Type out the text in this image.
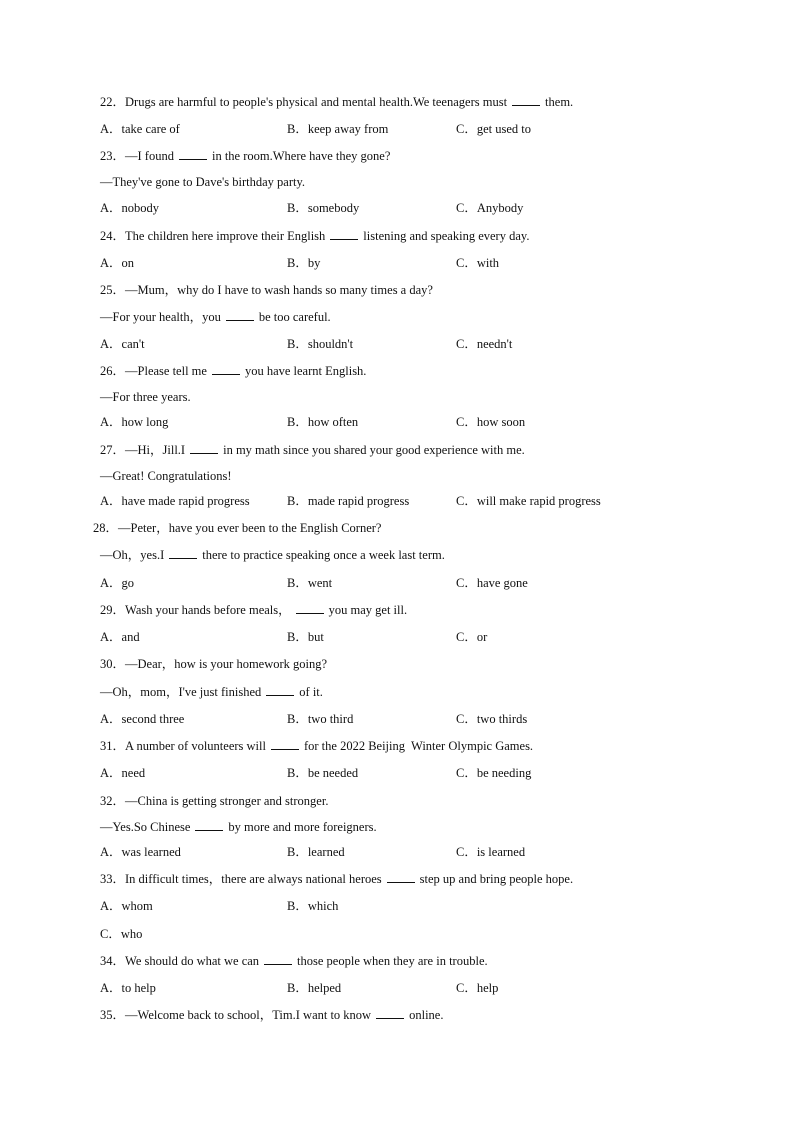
22．Drugs are harmful to people's physical and mental health.We teenagers must	them.
A．take care of	B．keep away from	C．get used to
23．—I found	in the room.Where have they gone?
—They've gone to Dave's birthday party.
A．nobody	B．somebody	C．Anybody
24．The children here improve their English	listening and speaking every day.
A．on	B．by	C．with
25．—Mum，why do I have to wash hands so many times a day?
—For your health，you	be too careful.
A．can't	B．shouldn't	C．needn't
26．—Please tell me	you have learnt English.
—For three years.
A．how long	B．how often	C．how soon
27．—Hi，Jill.I	in my math since you shared your good experience with me.
—Great! Congratulations!
A．have made rapid progress	B．made rapid progress	C．will make rapid progress
28．—Peter，have you ever been to the English Corner?
—Oh，yes.I	there to practice speaking once a week last term.
A．go	B．went	C．have gone
29．Wash your hands before meals，	you may get ill.
A．and	B．but	C．or
30．—Dear，how is your homework going?
—Oh，mom，I've just finished	of it.
A．second three	B．two third	C．two thirds
31．A number of volunteers will	for the 2022 Beijing  Winter Olympic Games.
A．need	B．be needed	C．be needing
32．—China is getting stronger and stronger.
—Yes.So Chinese	by more and more foreigners.
A．was learned	B．learned	C．is learned
33．In difficult times，there are always national heroes	step up and bring people hope.
A．whom	B．which
C．who
34．We should do what we can	those people when they are in trouble.
A．to help	B．helped	C．help
35．—Welcome back to school，Tim.I want to know	online.
